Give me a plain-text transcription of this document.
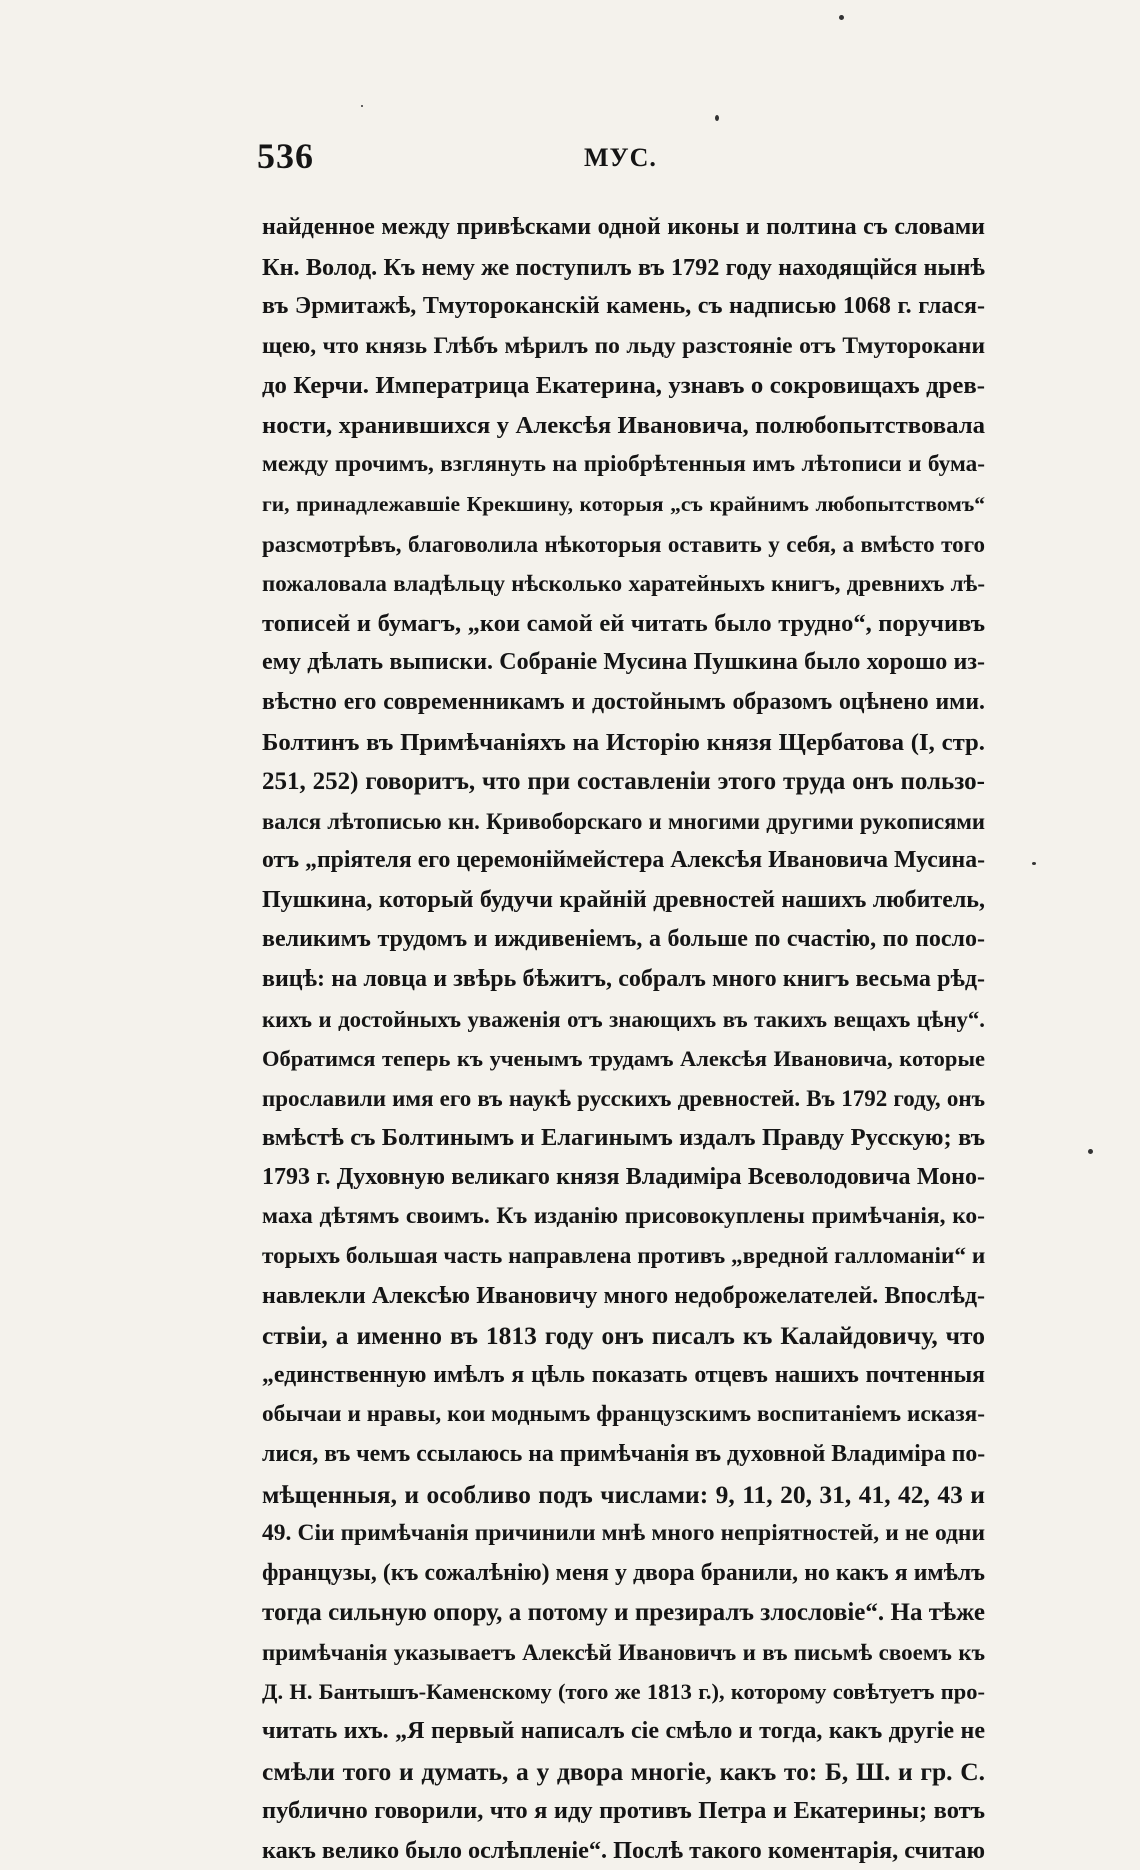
536	МУС.
найденное между привѣсками одной иконы и полтина съ словами
Кн. Волод. Къ нему же поступилъ въ 1792 году находящійся нынѣ
въ Эрмитажѣ, Тмутороканскій камень, съ надписью 1068 г. глася-
щею, что князь Глѣбъ мѣрилъ по льду разстояніе отъ Тмуторокани
до Керчи. Императрица Екатерина, узнавъ о сокровищахъ древ-
ности, хранившихся у Алексѣя Ивановича, полюбопытствовала
между прочимъ, взглянуть на пріобрѣтенныя имъ лѣтописи и бума-
ги, принадлежавшіе Крекшину, которыя „съ крайнимъ любопытствомъ“
разсмотрѣвъ, благоволила нѣкоторыя оставить у себя, а вмѣсто того
пожаловала владѣльцу нѣсколько харатейныхъ книгъ, древнихъ лѣ-
тописей и бумагъ, „кои самой ей читать было трудно“, поручивъ
ему дѣлать выписки. Собраніе Мусина Пушкина было хорошо из-
вѣстно его современникамъ и достойнымъ образомъ оцѣнено ими.
Болтинъ въ Примѣчаніяхъ на Исторію князя Щербатова (I, стр.
251, 252) говоритъ, что при составленіи этого труда онъ пользо-
вался лѣтописью кн. Кривоборскаго и многими другими рукописями
отъ „пріятеля его церемоніймейстера Алексѣя Ивановича Мусина-
Пушкина, который будучи крайній древностей нашихъ любитель,
великимъ трудомъ и иждивеніемъ, а больше по счастію, по посло-
вицѣ: на ловца и звѣрь бѣжитъ, собралъ много книгъ весьма рѣд-
кихъ и достойныхъ уваженія отъ знающихъ въ такихъ вещахъ цѣну“.
Обратимся теперь къ ученымъ трудамъ Алексѣя Ивановича, которые
прославили имя его въ наукѣ русскихъ древностей. Въ 1792 году, онъ
вмѣстѣ съ Болтинымъ и Елагинымъ издалъ Правду Русскую; въ
1793 г. Духовную великаго князя Владиміра Всеволодовича Моно-
маха дѣтямъ своимъ. Къ изданію присовокуплены примѣчанія, ко-
торыхъ большая часть направлена противъ „вредной галломаніи“ и
навлекли Алексѣю Ивановичу много недоброжелателей. Впослѣд-
ствіи, а именно въ 1813 году онъ писалъ къ Калайдовичу, что
„единственную имѣлъ я цѣль показать отцевъ нашихъ почтенныя
обычаи и нравы, кои моднымъ французскимъ воспитаніемъ исказя-
лися, въ чемъ ссылаюсь на примѣчанія въ духовной Владиміра по-
мѣщенныя, и особливо подъ числами: 9, 11, 20, 31, 41, 42, 43 и
49. Сіи примѣчанія причинили мнѣ много непріятностей, и не одни
французы, (къ сожалѣнію) меня у двора бранили, но какъ я имѣлъ
тогда сильную опору, а потому и презиралъ злословіе“. На тѣже
примѣчанія указываетъ Алексѣй Ивановичъ и въ письмѣ своемъ къ
Д. Н. Бантышъ-Каменскому (того же 1813 г.), которому совѣтуетъ про-
читать ихъ. „Я первый написалъ сіе смѣло и тогда, какъ другіе не
смѣли того и думать, а у двора многіе, какъ то: Б, Ш. и гр. С.
публично говорили, что я иду противъ Петра и Екатерины; вотъ
какъ велико было ослѣпленіе“. Послѣ такого коментарія, считаю
